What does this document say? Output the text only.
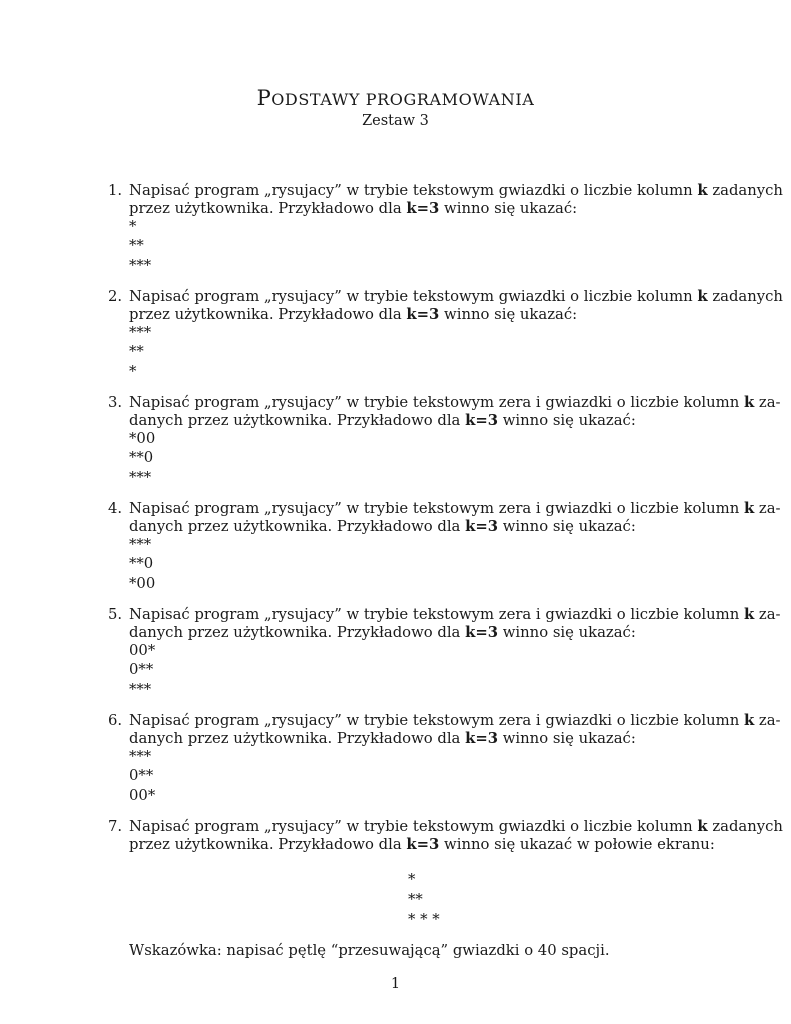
PODSTAWY PROGRAMOWANIA
Zestaw 3
1. Napisać program „rysujacy” w trybie tekstowym gwiazdki o liczbie kolumn k zadanych
przez użytkownika. Przykładowo dla k=3 winno się ukazać:
*
**
***
2. Napisać program „rysujacy” w trybie tekstowym gwiazdki o liczbie kolumn k zadanych
przez użytkownika. Przykładowo dla k=3 winno się ukazać:
***
**
*
3. Napisać program „rysujacy” w trybie tekstowym zera i gwiazdki o liczbie kolumn k za-
danych przez użytkownika. Przykładowo dla k=3 winno się ukazać:
*00
**0
***
4. Napisać program „rysujacy” w trybie tekstowym zera i gwiazdki o liczbie kolumn k za-
danych przez użytkownika. Przykładowo dla k=3 winno się ukazać:
***
**0
*00
5. Napisać program „rysujacy” w trybie tekstowym zera i gwiazdki o liczbie kolumn k za-
danych przez użytkownika. Przykładowo dla k=3 winno się ukazać:
00*
0**
***
6. Napisać program „rysujacy” w trybie tekstowym zera i gwiazdki o liczbie kolumn k za-
danych przez użytkownika. Przykładowo dla k=3 winno się ukazać:
***
0**
00*
7. Napisać program „rysujacy” w trybie tekstowym gwiazdki o liczbie kolumn k zadanych
przez użytkownika. Przykładowo dla k=3 winno się ukazać w połowie ekranu:
*
**
* * *
Wskazówka: napisać pętlę “przesuwającą” gwiazdki o 40 spacji.
1
